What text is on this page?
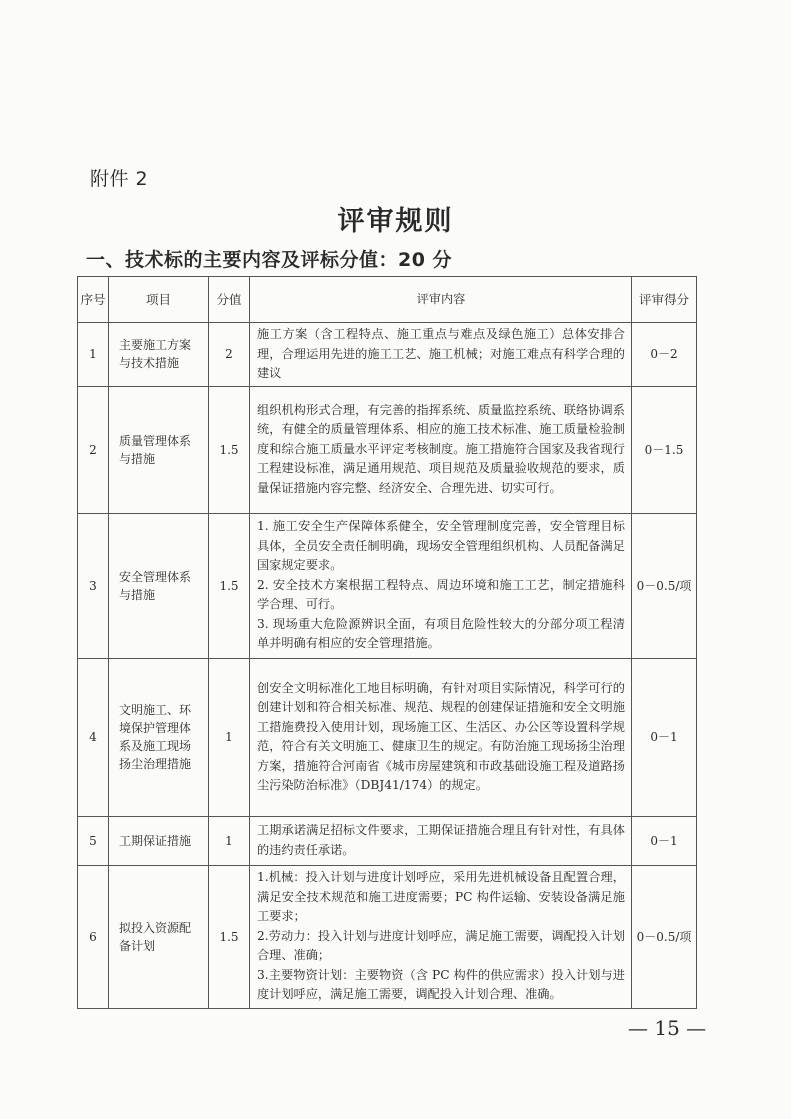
附件 2
评审规则
一、技术标的主要内容及评标分值：20 分
序号	项目	分值	评审内容	评审得分
1	主要施工方案与技术措施	2	施工方案（含工程特点、施工重点与难点及绿色施工）总体安排合理，合理运用先进的施工工艺、施工机械；对施工难点有科学合理的建议	0－2
2	质量管理体系与措施	1.5	组织机构形式合理，有完善的指挥系统、质量监控系统、联络协调系统，有健全的质量管理体系、相应的施工技术标准、施工质量检验制度和综合施工质量水平评定考核制度。施工措施符合国家及我省现行工程建设标准，满足通用规范、项目规范及质量验收规范的要求，质量保证措施内容完整、经济安全、合理先进、切实可行。	0－1.5
3	安全管理体系与措施	1.5	1. 施工安全生产保障体系健全，安全管理制度完善，安全管理目标具体，全员安全责任制明确，现场安全管理组织机构、人员配备满足国家规定要求。
2. 安全技术方案根据工程特点、周边环境和施工工艺，制定措施科学合理、可行。
3. 现场重大危险源辨识全面，有项目危险性较大的分部分项工程清单并明确有相应的安全管理措施。	0－0.5/项
4	文明施工、环境保护管理体系及施工现场扬尘治理措施	1	创安全文明标准化工地目标明确，有针对项目实际情况，科学可行的创建计划和符合相关标准、规范、规程的创建保证措施和安全文明施工措施费投入使用计划，现场施工区、生活区、办公区等设置科学规范，符合有关文明施工、健康卫生的规定。有防治施工现场扬尘治理方案，措施符合河南省《城市房屋建筑和市政基础设施工程及道路扬尘污染防治标准》（DBJ41/174）的规定。	0－1
5	工期保证措施	1	工期承诺满足招标文件要求，工期保证措施合理且有针对性，有具体的违约责任承诺。	0－1
6	拟投入资源配备计划	1.5	1.机械：投入计划与进度计划呼应，采用先进机械设备且配置合理，满足安全技术规范和施工进度需要；PC 构件运输、安装设备满足施工要求；
2.劳动力：投入计划与进度计划呼应，满足施工需要，调配投入计划合理、准确；
3.主要物资计划：主要物资（含 PC 构件的供应需求）投入计划与进度计划呼应，满足施工需要，调配投入计划合理、准确。	0－0.5/项
— 15 —
